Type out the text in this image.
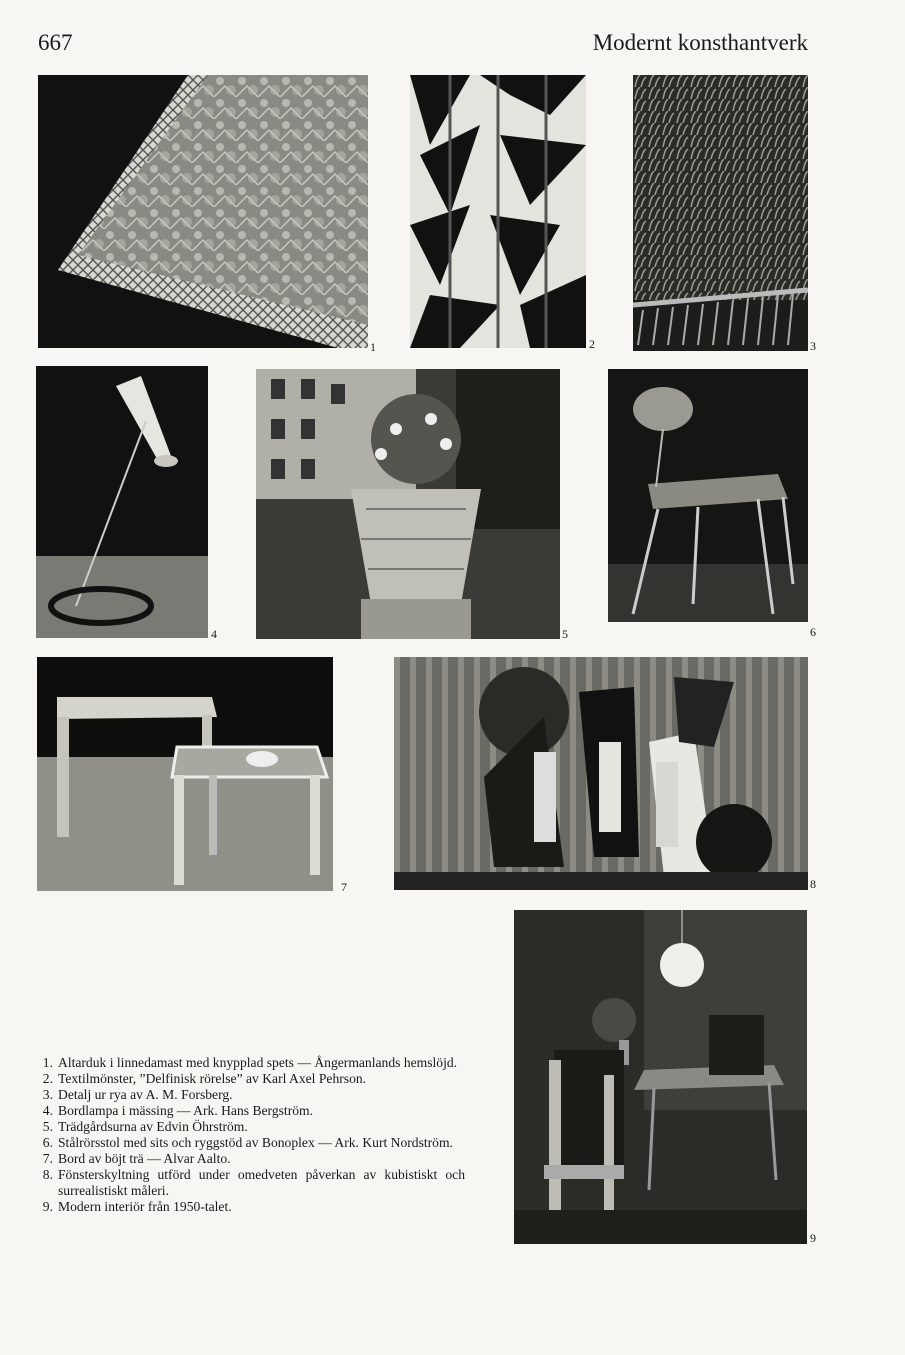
667	Modernt konsthantverk
1	2	3
4	5	6
7	8
9
1. Altarduk i linnedamast med knypplad spets — Ångermanlands hemslöjd.
2. Textilmönster, ”Delfinisk rörelse” av Karl Axel Pehrson.
3. Detalj ur rya av A. M. Forsberg.
4. Bordlampa i mässing — Ark. Hans Bergström.
5. Trädgårdsurna av Edvin Öhrström.
6. Stålrörsstol med sits och ryggstöd av Bonoplex — Ark. Kurt Nordström.
7. Bord av böjt trä — Alvar Aalto.
8. Fönsterskyltning utförd under omedveten påverkan av kubistiskt och surrealistiskt måleri.
9. Modern interiör från 1950-talet.
